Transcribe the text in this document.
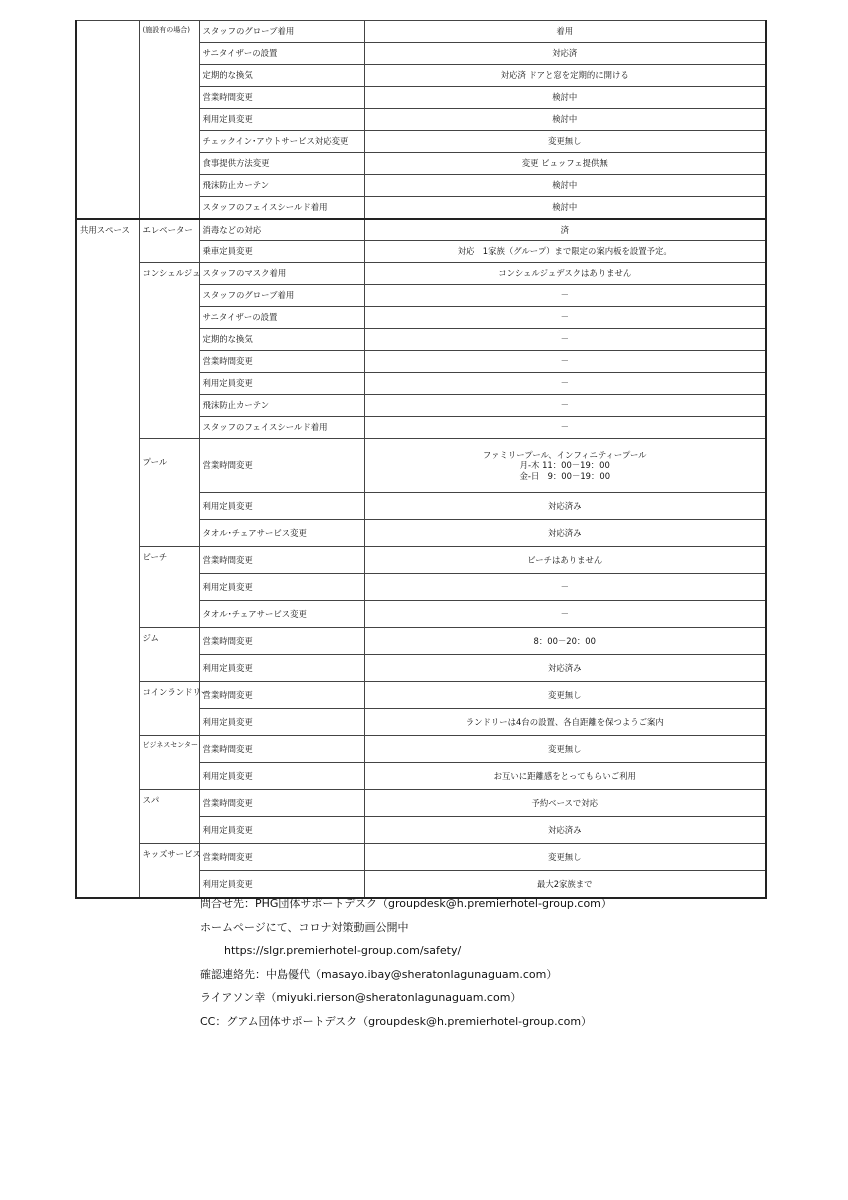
	(施設有の場合)	スタッフのグローブ着用	着用
		サニタイザーの設置	対応済
		定期的な換気	対応済 ドアと窓を定期的に開ける
		営業時間変更	検討中
		利用定員変更	検討中
		チェックイン･アウトサービス対応変更	変更無し
		食事提供方法変更	変更 ビュッフェ提供無
		飛沫防止カーテン	検討中
		スタッフのフェイスシールド着用	検討中
共用スペース	エレベーター	消毒などの対応	済
		乗車定員変更	対応　1家族（グループ）まで限定の案内板を設置予定。
	コンシェルジュ	スタッフのマスク着用	コンシェルジュデスクはありません
		スタッフのグローブ着用	－
		サニタイザーの設置	－
		定期的な換気	－
		営業時間変更	－
		利用定員変更	－
		飛沫防止カーテン	－
		スタッフのフェイスシールド着用	－
	プール	営業時間変更	ファミリープール、インフィニティープール
月-木 11：00－19：00
金-日　9：00－19：00

		利用定員変更	対応済み
		タオル･チェアサービス変更	対応済み
	ビーチ	営業時間変更	ビーチはありません
		利用定員変更	－
		タオル･チェアサービス変更	－
	ジム	営業時間変更	8：00－20：00
		利用定員変更	対応済み
	コインランドリー	営業時間変更	変更無し
		利用定員変更	ランドリーは4台の設置、各自距離を保つようご案内
	ビジネスセンター	営業時間変更	変更無し
		利用定員変更	お互いに距離感をとってもらいご利用
	スパ	営業時間変更	予約ベースで対応
		利用定員変更	対応済み
	キッズサービス	営業時間変更	変更無し
		利用定員変更	最大2家族まで

問合せ先：PHG団体サポートデスク（groupdesk@h.premierhotel-group.com）

ホームページにて、コロナ対策動画公開中

https://slgr.premierhotel-group.com/safety/

確認連絡先：中島優代（masayo.ibay@sheratonlagunaguam.com）

ライアソン幸（miyuki.rierson@sheratonlagunaguam.com）

CC：グアム団体サポートデスク（groupdesk@h.premierhotel-group.com）
